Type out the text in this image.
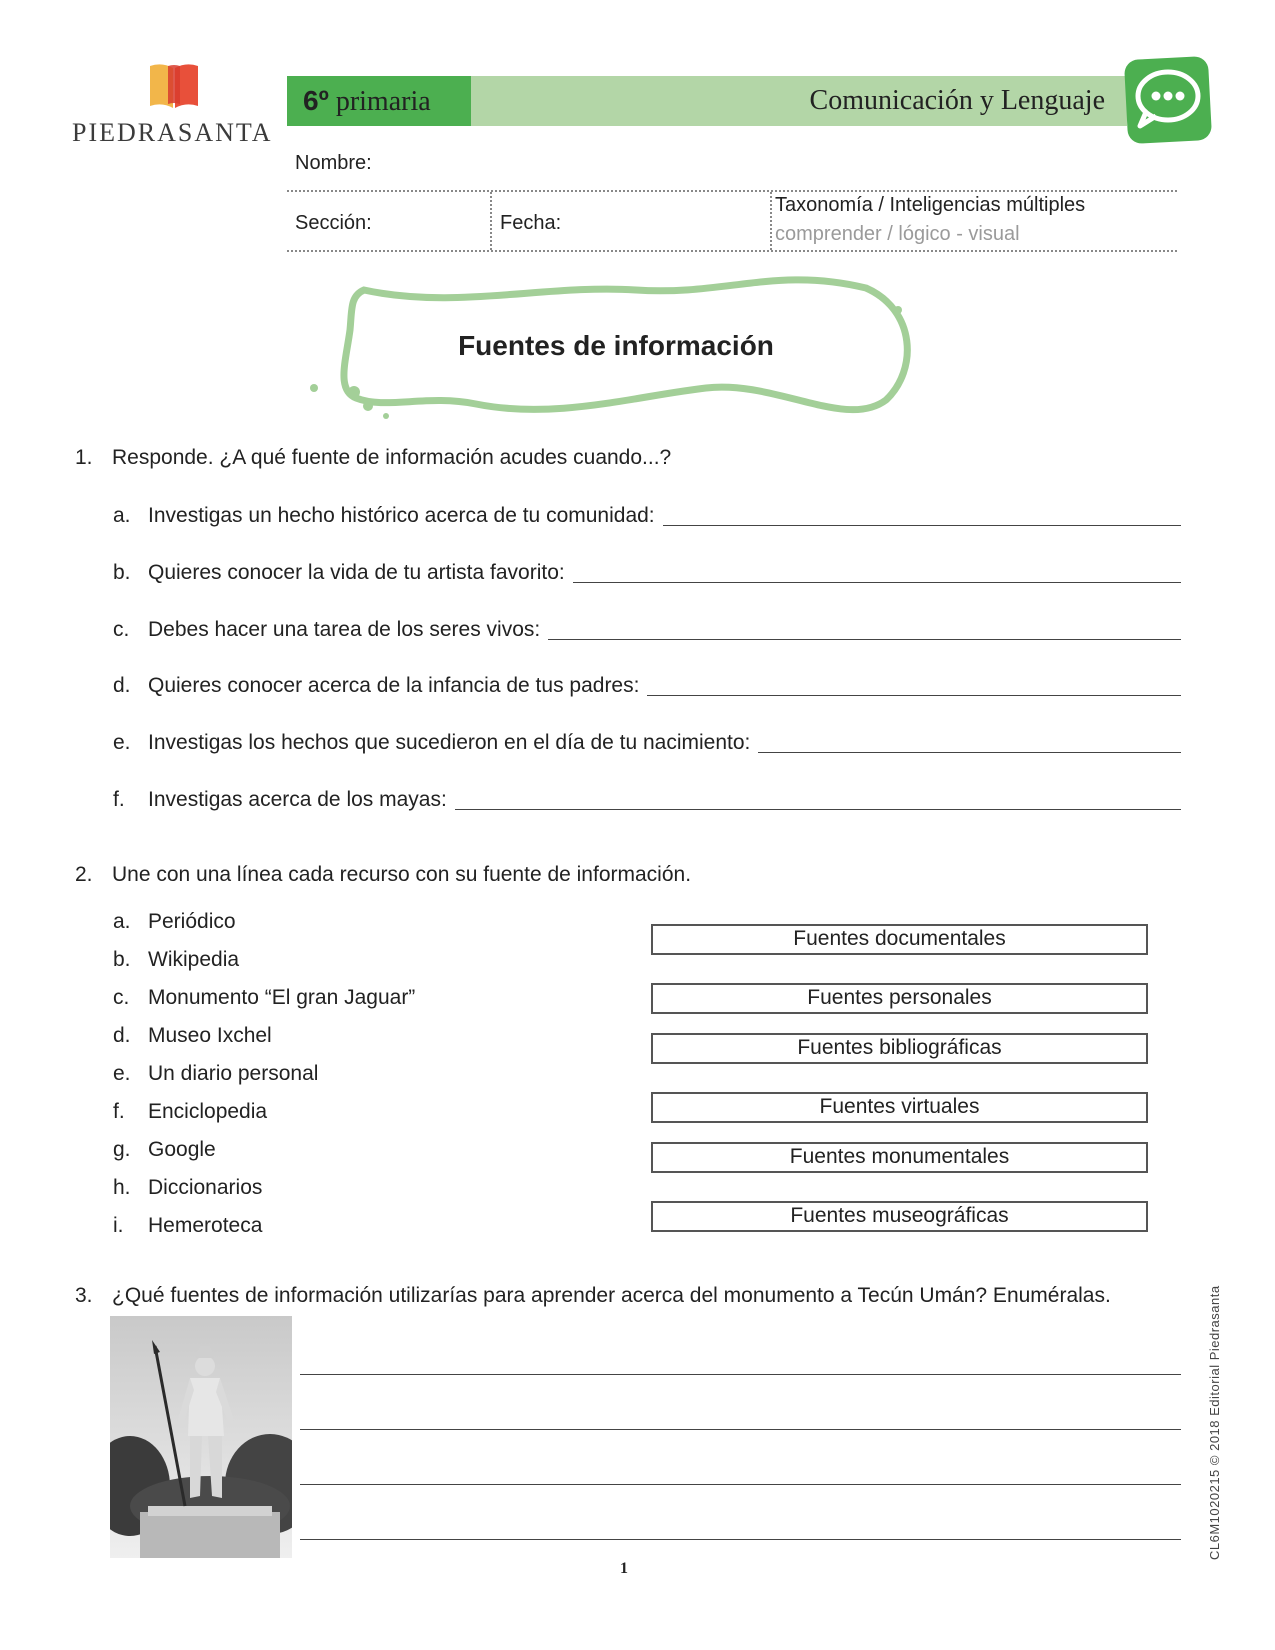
PIEDRASANTA
6º primaria	Comunicación y Lenguaje
Nombre:
Sección:	Fecha:
Taxonomía / Inteligencias múltiples
comprender / lógico - visual
Fuentes de información
1. Responde. ¿A qué fuente de información acudes cuando...?
a. Investigas un hecho histórico acerca de tu comunidad:
b. Quieres conocer la vida de tu artista favorito:
c. Debes hacer una tarea de los seres vivos:
d. Quieres conocer acerca de la infancia de tus padres:
e. Investigas los hechos que sucedieron en el día de tu nacimiento:
f. Investigas acerca de los mayas:
2. Une con una línea cada recurso con su fuente de información.
a. Periódico
b. Wikipedia
c. Monumento “El gran Jaguar”
d. Museo Ixchel
e. Un diario personal
f. Enciclopedia
g. Google
h. Diccionarios
i. Hemeroteca
Fuentes documentales
Fuentes personales
Fuentes bibliográficas
Fuentes virtuales
Fuentes monumentales
Fuentes museográficas
3. ¿Qué fuentes de información utilizarías para aprender acerca del monumento a Tecún Umán? Enuméralas.
1
CL6M1020215 © 2018 Editorial Piedrasanta
